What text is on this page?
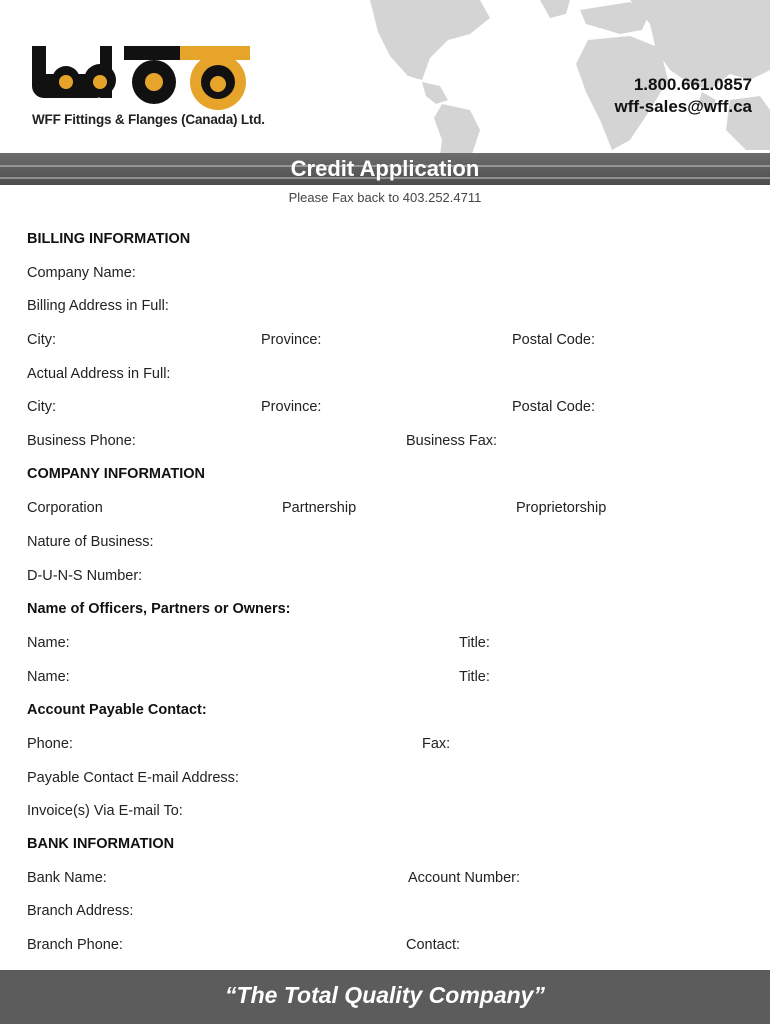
WFF Fittings & Flanges (Canada) Ltd.
1.800.661.0857
wff-sales@wff.ca
Credit Application
Please Fax back to 403.252.4711
BILLING INFORMATION
Company Name:
Billing Address in Full:
City:	Province:	Postal Code:
Actual Address in Full:
City:	Province:	Postal Code:
Business Phone:	Business Fax:
COMPANY INFORMATION
Corporation	Partnership	Proprietorship
Nature of Business:
D-U-N-S Number:
Name of Officers, Partners or Owners:
Name:	Title:
Name:	Title:
Account Payable Contact:
Phone:	Fax:
Payable Contact E-mail Address:
Invoice(s) Via E-mail To:
BANK INFORMATION
Bank Name:	Account Number:
Branch Address:
Branch Phone:	Contact:
“The Total Quality Company”
